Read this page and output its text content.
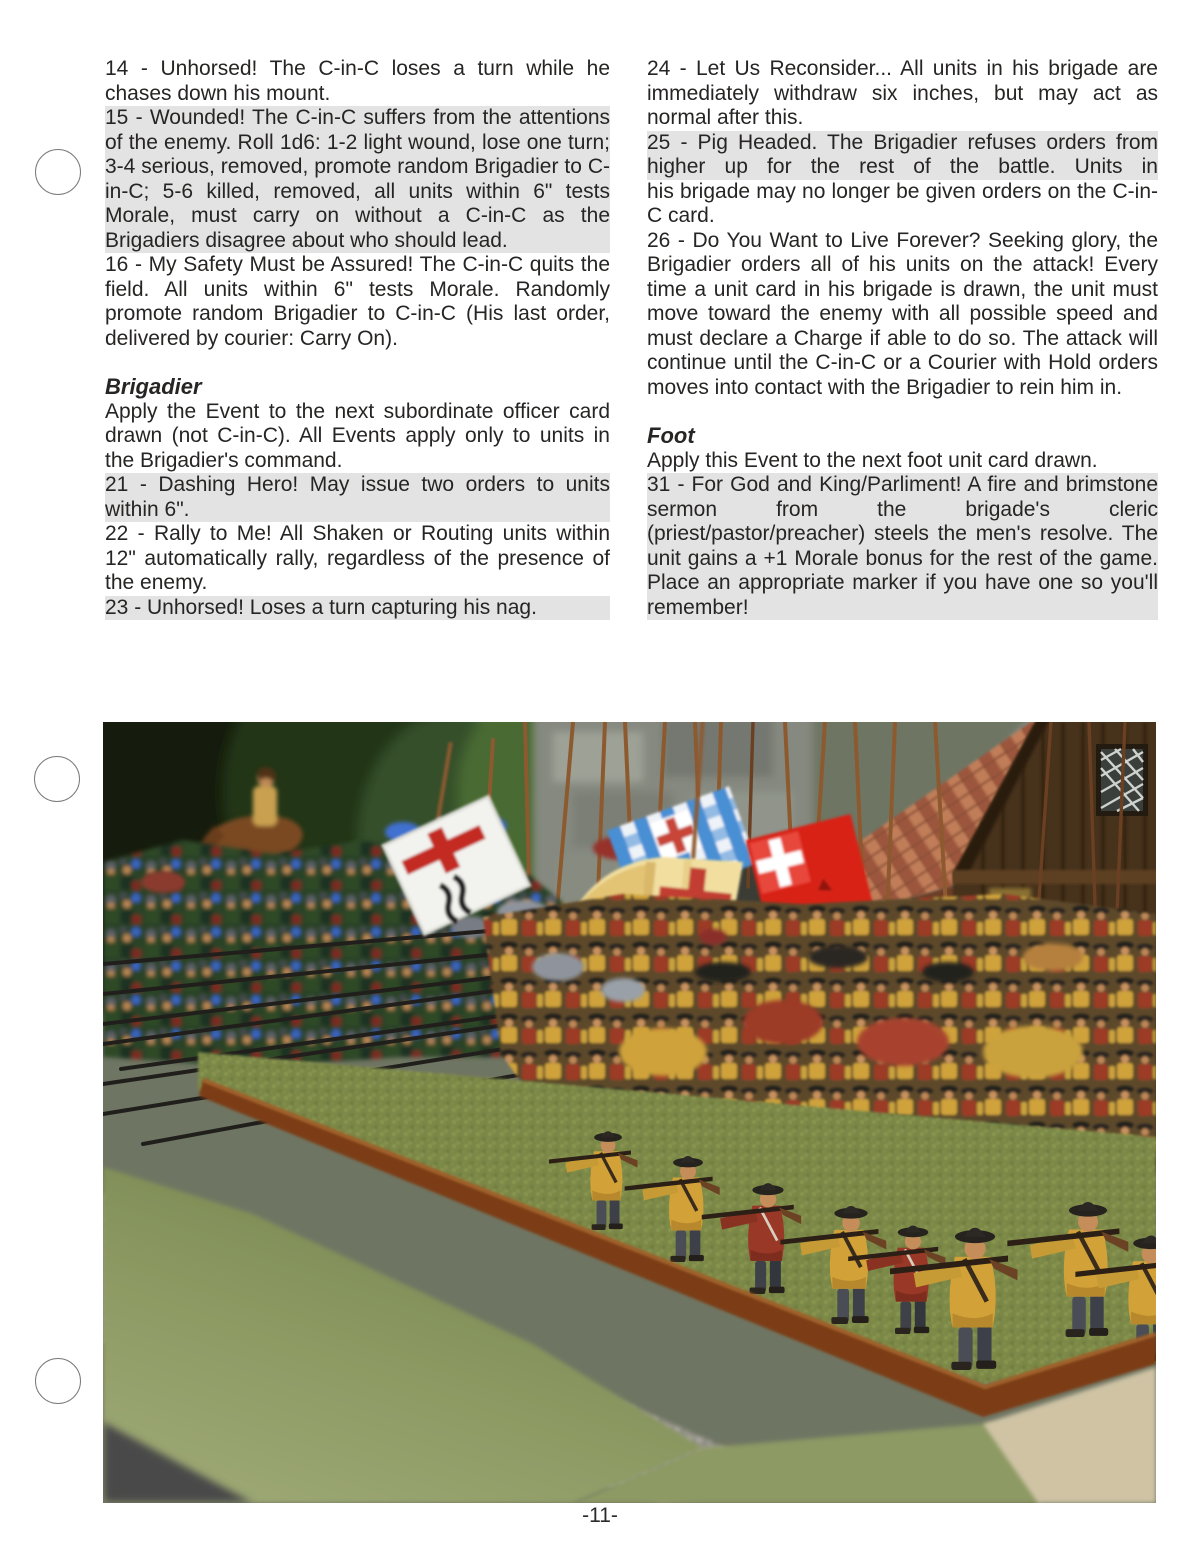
14 - Unhorsed! The C-in-C loses a turn while he chases down his mount.

15 - Wounded! The C-in-C suffers from the attentions of the enemy. Roll 1d6: 1-2 light wound, lose one turn; 3-4 serious, removed, promote random Brigadier to C-in-C; 5-6 killed, removed, all units within 6" tests Morale, must carry on without a C-in-C as the Brigadiers disagree about who should lead.

16 - My Safety Must be Assured! The C-in-C quits the field. All units within 6" tests Morale. Randomly promote random Brigadier to C-in-C (His last order, delivered by courier: Carry On).

Brigadier

Apply the Event to the next subordinate officer card drawn (not C-in-C). All Events apply only to units in the Brigadier's command.

21 - Dashing Hero! May issue two orders to units within 6".

22 - Rally to Me! All Shaken or Routing units within 12" automatically rally, regardless of the presence of the enemy.

23 - Unhorsed! Loses a turn capturing his nag.

24 - Let Us Reconsider... All units in his brigade are immediately withdraw six inches, but may act as normal after this.

25 - Pig Headed. The Brigadier refuses orders from higher up for the rest of the battle. Units in

his brigade may no longer be given orders on the C-in-C card.

26 - Do You Want to Live Forever? Seeking glory, the Brigadier orders all of his units on the attack! Every time a unit card in his brigade is drawn, the unit must move toward the enemy with all possible speed and must declare a Charge if able to do so. The attack will continue until the C-in-C or a Courier with Hold orders moves into contact with the Brigadier to rein him in.

Foot

Apply this Event to the next foot unit card drawn.

31 - For God and King/Parliment! A fire and brimstone sermon from the brigade's cleric (priest/pastor/preacher) steels the men's resolve. The unit gains a +1 Morale bonus for the rest of the game. Place an appropriate marker if you have one so you'll remember!

-11-
